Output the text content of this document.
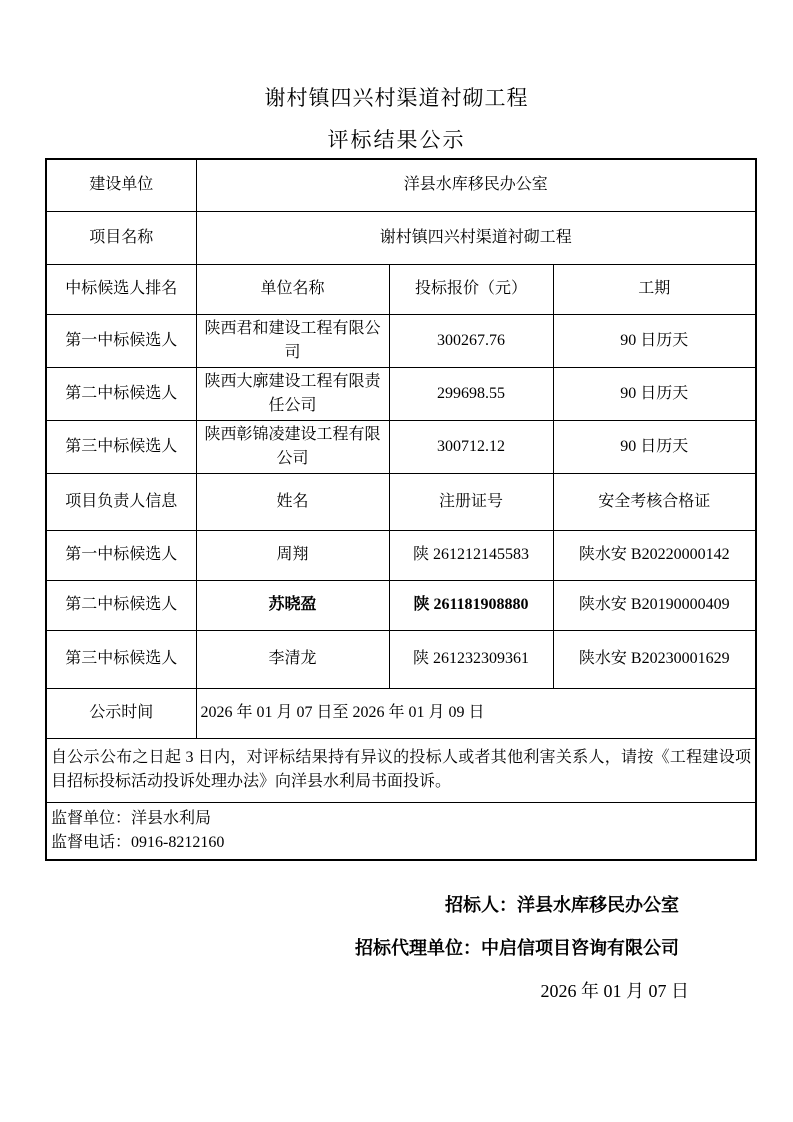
谢村镇四兴村渠道衬砌工程
评标结果公示
建设单位	洋县水库移民办公室		
项目名称	谢村镇四兴村渠道衬砌工程		
中标候选人排名	单位名称	投标报价（元）	工期
第一中标候选人	陕西君和建设工程有限公司	300267.76	90 日历天
第二中标候选人	陕西大廓建设工程有限责任公司	299698.55	90 日历天
第三中标候选人	陕西彰锦凌建设工程有限公司	300712.12	90 日历天
项目负责人信息	姓名	注册证号	安全考核合格证
第一中标候选人	周翔	陕 261212145583	陕水安 B20220000142
第二中标候选人	苏晓盈	陕 261181908880	陕水安 B20190000409
第三中标候选人	李清龙	陕 261232309361	陕水安 B20230001629
公示时间	2026 年 01 月 07 日至 2026 年 01 月 09 日		
自公示公布之日起 3 日内，对评标结果持有异议的投标人或者其他利害关系人，请按《工程建设项目招标投标活动投诉处理办法》向洋县水利局书面投诉。			

监督单位：洋县水利局
监督电话：0916-8212160			
招标人：洋县水库移民办公室
招标代理单位：中启信项目咨询有限公司
2026 年 01 月 07 日
